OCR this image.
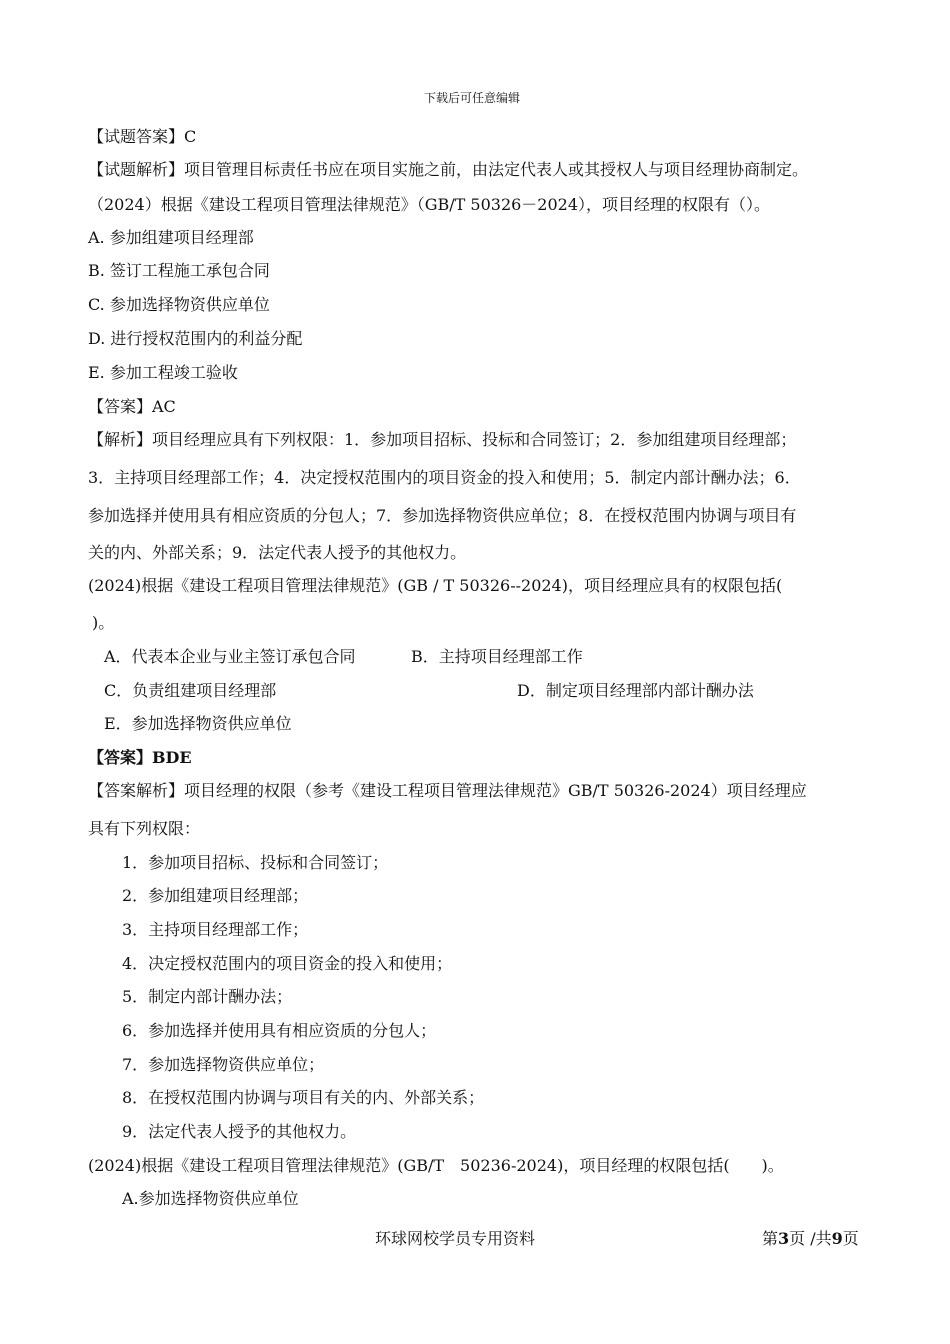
下载后可任意编辑
【试题答案】C
【试题解析】项目管理目标责任书应在项目实施之前，由法定代表人或其授权人与项目经理协商制定。
（2024）根据《建设工程项目管理法律规范》（GB/T 50326－2024），项目经理的权限有（）。
A. 参加组建项目经理部
B. 签订工程施工承包合同
C. 参加选择物资供应单位
D. 进行授权范围内的利益分配
E. 参加工程竣工验收
【答案】AC
【解析】项目经理应具有下列权限：1．参加项目招标、投标和合同签订；2．参加组建项目经理部；
3．主持项目经理部工作；4．决定授权范围内的项目资金的投入和使用；5．制定内部计酬办法；6．
参加选择并使用具有相应资质的分包人；7．参加选择物资供应单位；8．在授权范围内协调与项目有
关的内、外部关系；9．法定代表人授予的其他权力。
(2024)根据《建设工程项目管理法律规范》(GB / T 50326--2024)，项目经理应具有的权限包括(
)。
A．代表本企业与业主签订承包合同	B．主持项目经理部工作
C．负责组建项目经理部	D．制定项目经理部内部计酬办法
E．参加选择物资供应单位
【答案】BDE
【答案解析】项目经理的权限（参考《建设工程项目管理法律规范》GB/T 50326-2024）项目经理应
具有下列权限：
1．参加项目招标、投标和合同签订；
2．参加组建项目经理部；
3．主持项目经理部工作；
4．决定授权范围内的项目资金的投入和使用；
5．制定内部计酬办法；
6．参加选择并使用具有相应资质的分包人；
7．参加选择物资供应单位；
8．在授权范围内协调与项目有关的内、外部关系；
9．法定代表人授予的其他权力。
(2024)根据《建设工程项目管理法律规范》(GB/T　50236-2024)，项目经理的权限包括(　　)。
A.参加选择物资供应单位
环球网校学员专用资料	第3页 /共9页
